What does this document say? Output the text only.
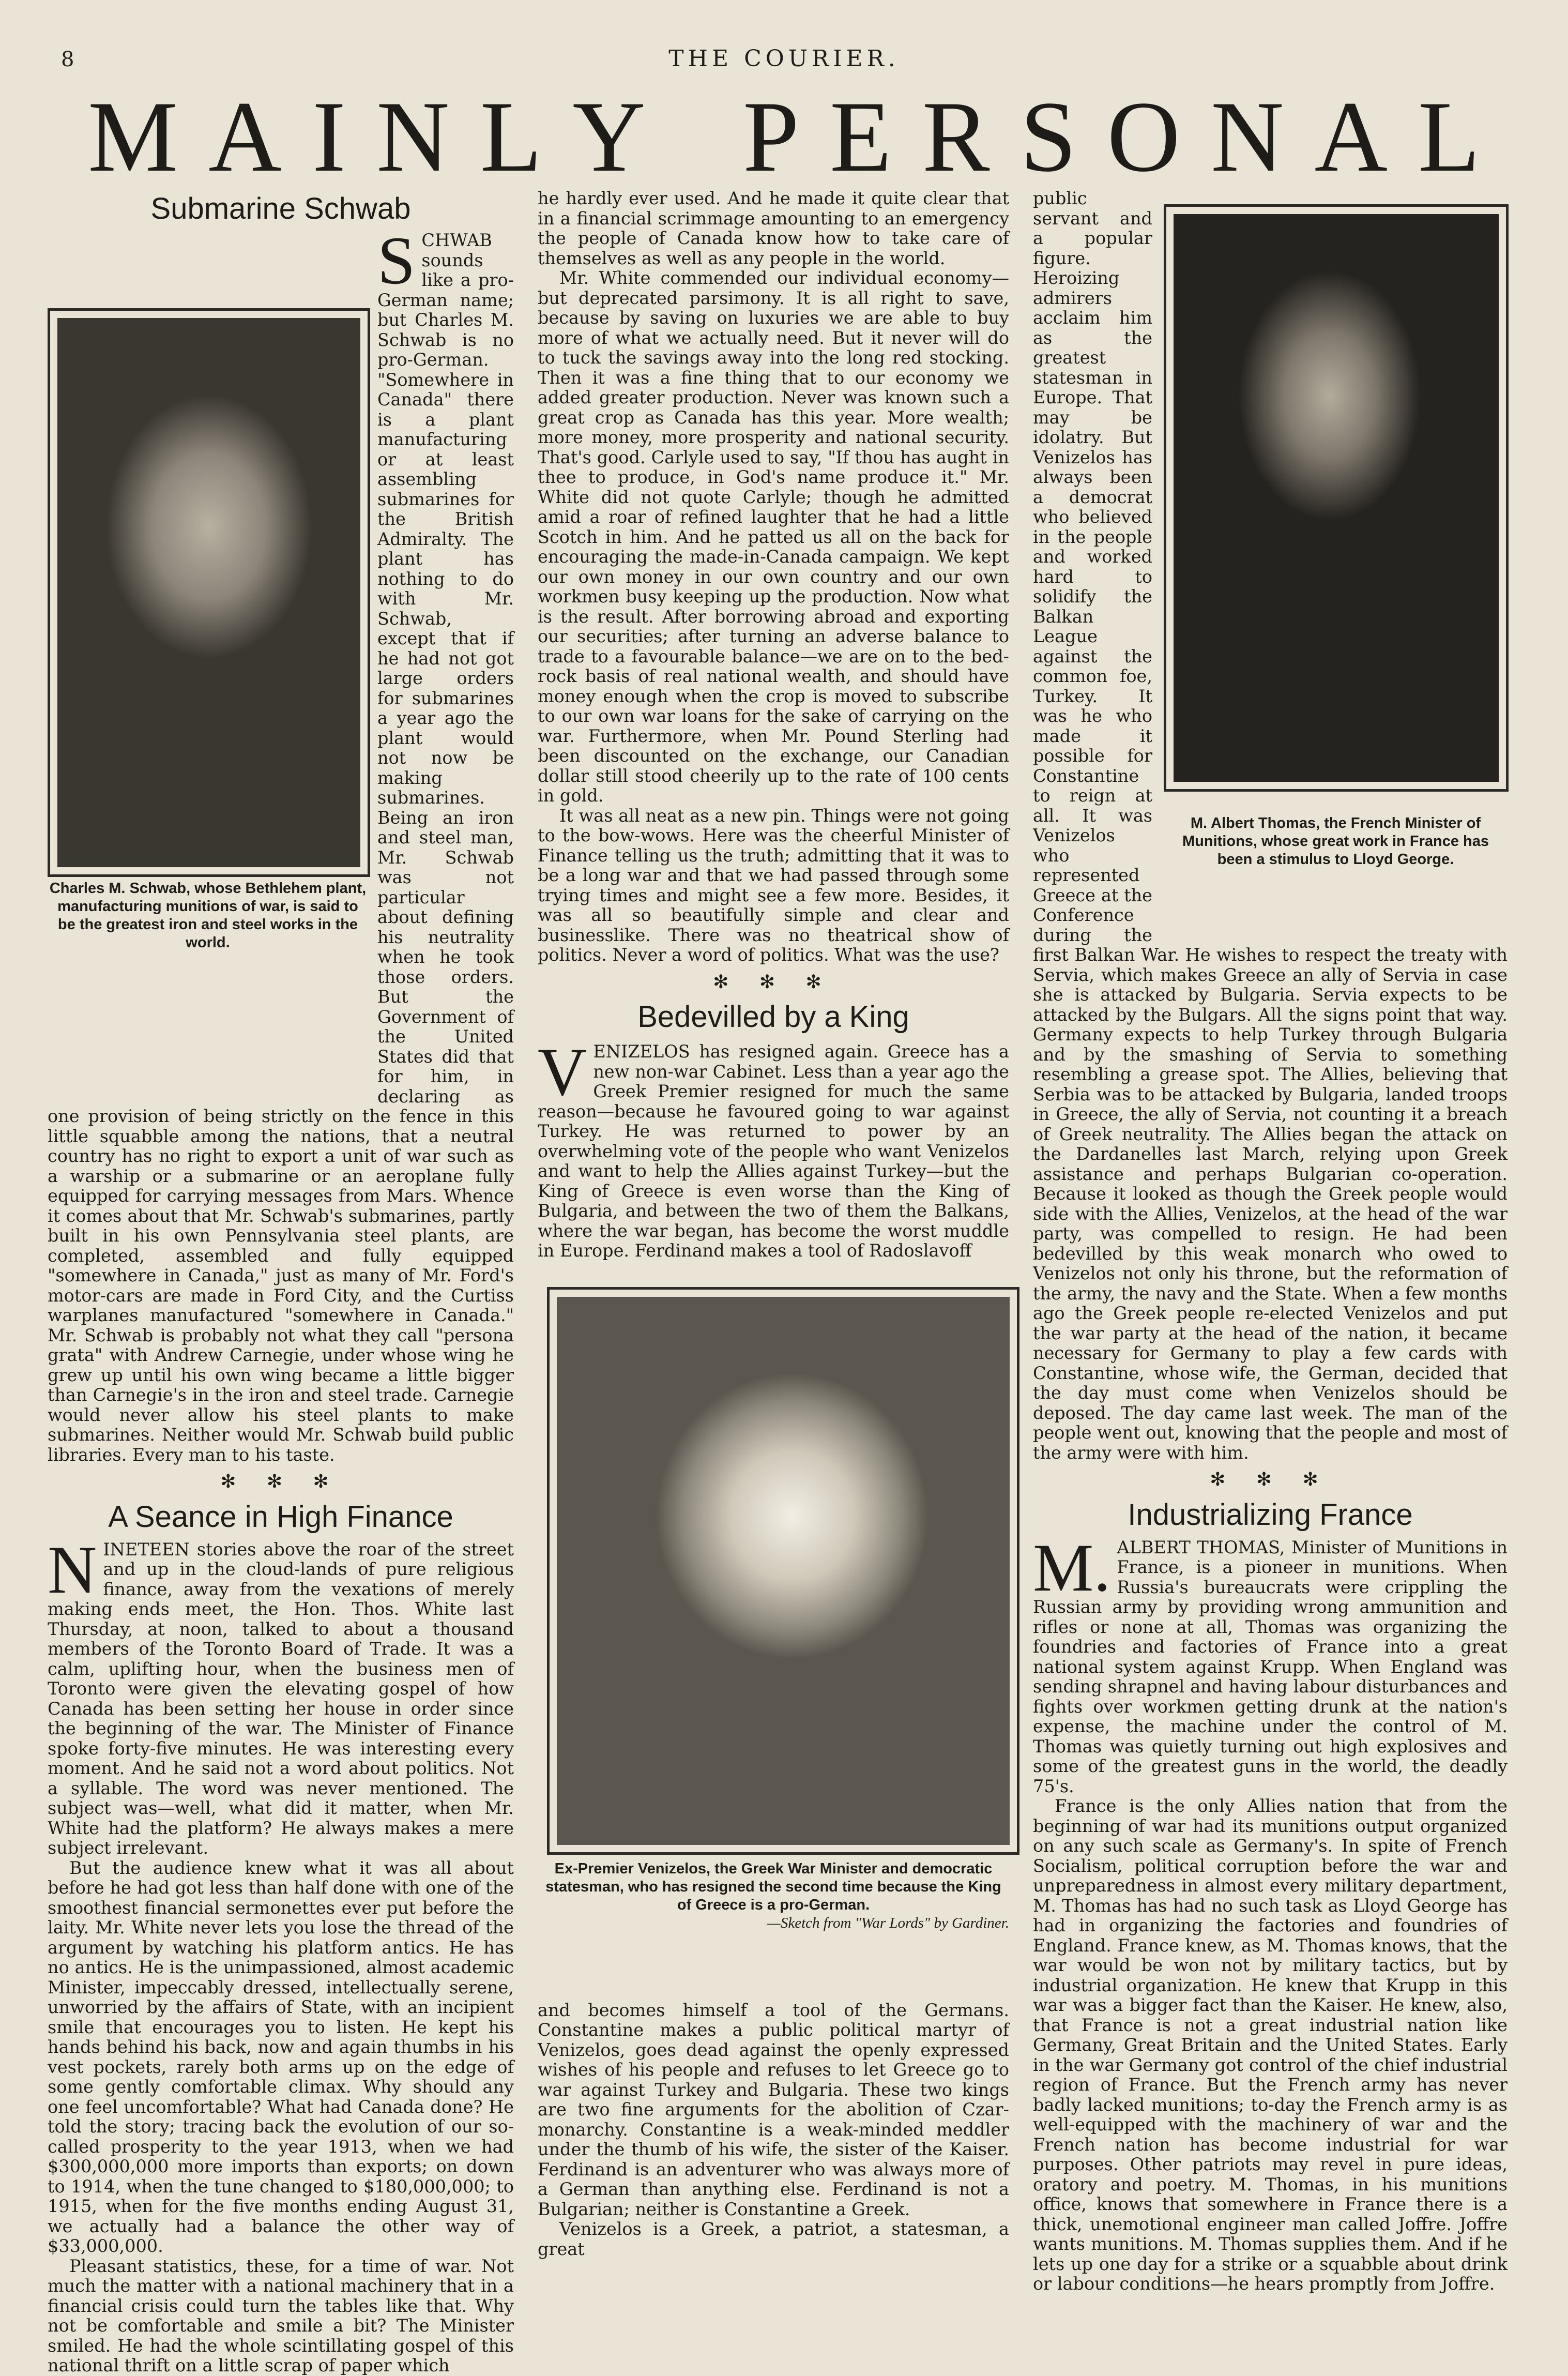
8	THE COURIER.
M A I N L Y P E R S O N A L
Submarine Schwab
Charles M. Schwab, whose Bethlehem plant, manufacturing munitions of war, is said to be the greatest iron and steel works in the world.

SCHWAB sounds like a pro-German name; but Charles M. Schwab is no pro-German. "Somewhere in Canada" there is a plant manufacturing or at least assembling submarines for the British Admiralty. The plant has nothing to do with Mr. Schwab, except that if he had not got large orders for submarines a year ago the plant would not now be making submarines. Being an iron and steel man, Mr. Schwab was not particular about defining his neutrality when he took those orders. But the Government of the United States did that for him, in declaring as one provision of being strictly on the fence in this little squabble among the nations, that a neutral country has no right to export a unit of war such as a warship or a submarine or an aeroplane fully equipped for carrying messages from Mars. Whence it comes about that Mr. Schwab's submarines, partly built in his own Pennsylvania steel plants, are completed, assembled and fully equipped "somewhere in Canada," just as many of Mr. Ford's motor-cars are made in Ford City, and the Curtiss warplanes manufactured "somewhere in Canada." Mr. Schwab is probably not what they call "persona grata" with Andrew Carnegie, under whose wing he grew up until his own wing became a little bigger than Carnegie's in the iron and steel trade. Carnegie would never allow his steel plants to make submarines. Neither would Mr. Schwab build public libraries. Every man to his taste.

✻ ✻ ✻
A Seance in High Finance

NINETEEN stories above the roar of the street and up in the cloud-lands of pure religious finance, away from the vexations of merely making ends meet, the Hon. Thos. White last Thursday, at noon, talked to about a thousand members of the Toronto Board of Trade. It was a calm, uplifting hour, when the business men of Toronto were given the elevating gospel of how Canada has been setting her house in order since the beginning of the war. The Minister of Finance spoke forty-five minutes. He was interesting every moment. And he said not a word about politics. Not a syllable. The word was never mentioned. The subject was—well, what did it matter, when Mr. White had the platform? He always makes a mere subject irrelevant.

But the audience knew what it was all about before he had got less than half done with one of the smoothest financial sermonettes ever put before the laity. Mr. White never lets you lose the thread of the argument by watching his platform antics. He has no antics. He is the unimpassioned, almost academic Minister, impeccably dressed, intellectually serene, unworried by the affairs of State, with an incipient smile that encourages you to listen. He kept his hands behind his back, now and again thumbs in his vest pockets, rarely both arms up on the edge of some gently comfortable climax. Why should any one feel uncomfortable? What had Canada done? He told the story; tracing back the evolution of our so-called prosperity to the year 1913, when we had $300,000,000 more imports than exports; on down to 1914, when the tune changed to $180,000,000; to 1915, when for the five months ending August 31, we actually had a balance the other way of $33,000,000.

Pleasant statistics, these, for a time of war. Not much the matter with a national machinery that in a financial crisis could turn the tables like that. Why not be comfortable and smile a bit? The Minister smiled. He had the whole scintillating gospel of this national thrift on a little scrap of paper which

he hardly ever used. And he made it quite clear that in a financial scrimmage amounting to an emergency the people of Canada know how to take care of themselves as well as any people in the world.

Mr. White commended our individual economy—but deprecated parsimony. It is all right to save, because by saving on luxuries we are able to buy more of what we actually need. But it never will do to tuck the savings away into the long red stocking. Then it was a fine thing that to our economy we added greater production. Never was known such a great crop as Canada has this year. More wealth; more money, more prosperity and national security. That's good. Carlyle used to say, "If thou has aught in thee to produce, in God's name produce it." Mr. White did not quote Carlyle; though he admitted amid a roar of refined laughter that he had a little Scotch in him. And he patted us all on the back for encouraging the made-in-Canada campaign. We kept our own money in our own country and our own workmen busy keeping up the production. Now what is the result. After borrowing abroad and exporting our securities; after turning an adverse balance to trade to a favourable balance—we are on to the bed-rock basis of real national wealth, and should have money enough when the crop is moved to subscribe to our own war loans for the sake of carrying on the war. Furthermore, when Mr. Pound Sterling had been discounted on the exchange, our Canadian dollar still stood cheerily up to the rate of 100 cents in gold.

It was all neat as a new pin. Things were not going to the bow-wows. Here was the cheerful Minister of Finance telling us the truth; admitting that it was to be a long war and that we had passed through some trying times and might see a few more. Besides, it was all so beautifully simple and clear and businesslike. There was no theatrical show of politics. Never a word of politics. What was the use?

✻ ✻ ✻
Bedevilled by a King

VENIZELOS has resigned again. Greece has a new non-war Cabinet. Less than a year ago the Greek Premier resigned for much the same reason—because he favoured going to war against Turkey. He was returned to power by an overwhelming vote of the people who want Venizelos and want to help the Allies against Turkey—but the King of Greece is even worse than the King of Bulgaria, and between the two of them the Balkans, where the war began, has become the worst muddle in Europe. Ferdinand makes a tool of Radoslavoff

Ex-Premier Venizelos, the Greek War Minister and democratic statesman, who has resigned the second time because the King of Greece is a pro-German.
—Sketch from "War Lords" by Gardiner.

and becomes himself a tool of the Germans. Constantine makes a public political martyr of Venizelos, goes dead against the openly expressed wishes of his people and refuses to let Greece go to war against Turkey and Bulgaria. These two kings are two fine arguments for the abolition of Czar-monarchy. Constantine is a weak-minded meddler under the thumb of his wife, the sister of the Kaiser. Ferdinand is an adventurer who was always more of a German than anything else. Ferdinand is not a Bulgarian; neither is Constantine a Greek.

Venizelos is a Greek, a patriot, a statesman, a great

M. Albert Thomas, the French Minister of Munitions, whose great work in France has been a stimulus to Lloyd George.

public servant and a popular figure. Heroizing admirers acclaim him as the greatest statesman in Europe. That may be idolatry. But Venizelos has always been a democrat who believed in the people and worked hard to solidify the Balkan League against the common foe, Turkey. It was he who made it possible for Constantine to reign at all. It was Venizelos who represented Greece at the Conference during the first Balkan War. He wishes to respect the treaty with Servia, which makes Greece an ally of Servia in case she is attacked by Bulgaria. Servia expects to be attacked by the Bulgars. All the signs point that way. Germany expects to help Turkey through Bulgaria and by the smashing of Servia to something resembling a grease spot. The Allies, believing that Serbia was to be attacked by Bulgaria, landed troops in Greece, the ally of Servia, not counting it a breach of Greek neutrality. The Allies began the attack on the Dardanelles last March, relying upon Greek assistance and perhaps Bulgarian co-operation. Because it looked as though the Greek people would side with the Allies, Venizelos, at the head of the war party, was compelled to resign. He had been bedevilled by this weak monarch who owed to Venizelos not only his throne, but the reformation of the army, the navy and the State. When a few months ago the Greek people re-elected Venizelos and put the war party at the head of the nation, it became necessary for Germany to play a few cards with Constantine, whose wife, the German, decided that the day must come when Venizelos should be deposed. The day came last week. The man of the people went out, knowing that the people and most of the army were with him.

✻ ✻ ✻
Industrializing France

M. ALBERT THOMAS, Minister of Munitions in France, is a pioneer in munitions. When Russia's bureaucrats were crippling the Russian army by providing wrong ammunition and rifles or none at all, Thomas was organizing the foundries and factories of France into a great national system against Krupp. When England was sending shrapnel and having labour disturbances and fights over workmen getting drunk at the nation's expense, the machine under the control of M. Thomas was quietly turning out high explosives and some of the greatest guns in the world, the deadly 75's.

France is the only Allies nation that from the beginning of war had its munitions output organized on any such scale as Germany's. In spite of French Socialism, political corruption before the war and unpreparedness in almost every military department, M. Thomas has had no such task as Lloyd George has had in organizing the factories and foundries of England. France knew, as M. Thomas knows, that the war would be won not by military tactics, but by industrial organization. He knew that Krupp in this war was a bigger fact than the Kaiser. He knew, also, that France is not a great industrial nation like Germany, Great Britain and the United States. Early in the war Germany got control of the chief industrial region of France. But the French army has never badly lacked munitions; to-day the French army is as well-equipped with the machinery of war and the French nation has become industrial for war purposes. Other patriots may revel in pure ideas, oratory and poetry. M. Thomas, in his munitions office, knows that somewhere in France there is a thick, unemotional engineer man called Joffre. Joffre wants munitions. M. Thomas supplies them. And if he lets up one day for a strike or a squabble about drink or labour conditions—he hears promptly from Joffre.
